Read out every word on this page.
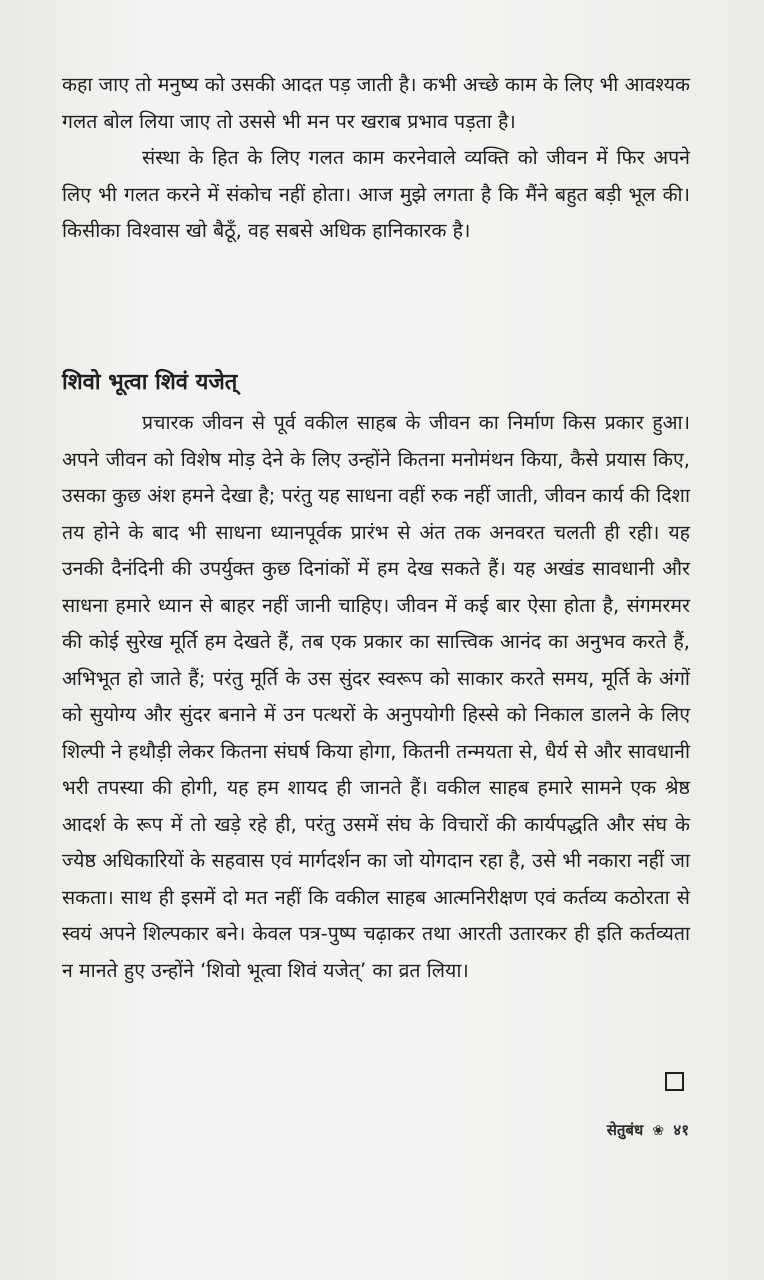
कहा जाए तो मनुष्य को उसकी आदत पड़ जाती है। कभी अच्छे काम के लिए भी आवश्यक गलत बोल लिया जाए तो उससे भी मन पर खराब प्रभाव पड़ता है।

संस्था के हित के लिए गलत काम करनेवाले व्यक्ति को जीवन में फिर अपने लिए भी गलत करने में संकोच नहीं होता। आज मुझे लगता है कि मैंने बहुत बड़ी भूल की। किसीका विश्वास खो बैठूँ, वह सबसे अधिक हानिकारक है।

शिवो भूत्वा शिवं यजेत्

प्रचारक जीवन से पूर्व वकील साहब के जीवन का निर्माण किस प्रकार हुआ। अपने जीवन को विशेष मोड़ देने के लिए उन्होंने कितना मनोमंथन किया, कैसे प्रयास किए, उसका कुछ अंश हमने देखा है; परंतु यह साधना वहीं रुक नहीं जाती, जीवन कार्य की दिशा तय होने के बाद भी साधना ध्यानपूर्वक प्रारंभ से अंत तक अनवरत चलती ही रही। यह उनकी दैनंदिनी की उपर्युक्त कुछ दिनांकों में हम देख सकते हैं। यह अखंड सावधानी और साधना हमारे ध्यान से बाहर नहीं जानी चाहिए। जीवन में कई बार ऐसा होता है, संगमरमर की कोई सुरेख मूर्ति हम देखते हैं, तब एक प्रकार का सात्त्विक आनंद का अनुभव करते हैं, अभिभूत हो जाते हैं; परंतु मूर्ति के उस सुंदर स्वरूप को साकार करते समय, मूर्ति के अंगों को सुयोग्य और सुंदर बनाने में उन पत्थरों के अनुपयोगी हिस्से को निकाल डालने के लिए शिल्पी ने हथौड़ी लेकर कितना संघर्ष किया होगा, कितनी तन्मयता से, धैर्य से और सावधानी भरी तपस्या की होगी, यह हम शायद ही जानते हैं। वकील साहब हमारे सामने एक श्रेष्ठ आदर्श के रूप में तो खड़े रहे ही, परंतु उसमें संघ के विचारों की कार्यपद्धति और संघ के ज्येष्ठ अधिकारियों के सहवास एवं मार्गदर्शन का जो योगदान रहा है, उसे भी नकारा नहीं जा सकता। साथ ही इसमें दो मत नहीं कि वकील साहब आत्मनिरीक्षण एवं कर्तव्य कठोरता से स्वयं अपने शिल्पकार बने। केवल पत्र-पुष्प चढ़ाकर तथा आरती उतारकर ही इति कर्तव्यता न मानते हुए उन्होंने ‘शिवो भूत्वा शिवं यजेत्’ का व्रत लिया।

सेतुबंध ❀ ४१
